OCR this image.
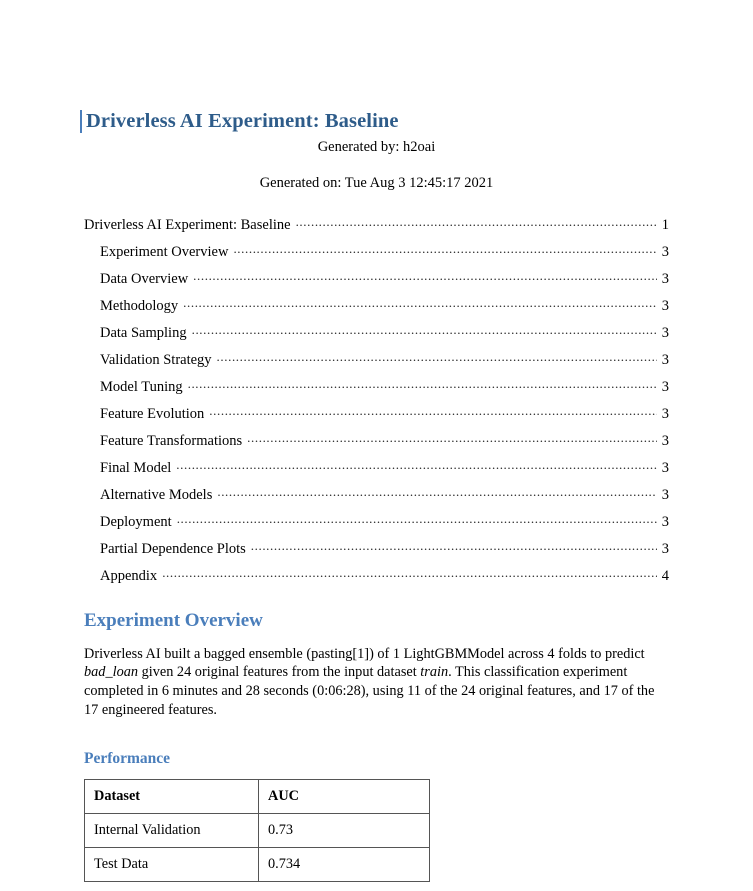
Driverless AI Experiment: Baseline
Generated by: h2oai
Generated on: Tue Aug 3 12:45:17 2021
Driverless AI Experiment: Baseline .....	1
Experiment Overview .....	3
Data Overview .....	3
Methodology .....	3
Data Sampling .....	3
Validation Strategy .....	3
Model Tuning .....	3
Feature Evolution .....	3
Feature Transformations .....	3
Final Model .....	3
Alternative Models .....	3
Deployment .....	3
Partial Dependence Plots .....	3
Appendix .....	4
Experiment Overview

Driverless AI built a bagged ensemble (pasting[1]) of 1 LightGBMModel across 4 folds to predict bad_loan given 24 original features from the input dataset train. This classification experiment completed in 6 minutes and 28 seconds (0:06:28), using 11 of the 24 original features, and 17 of the 17 engineered features.

Performance
Dataset	AUC
Internal Validation	0.73
Test Data	0.734
